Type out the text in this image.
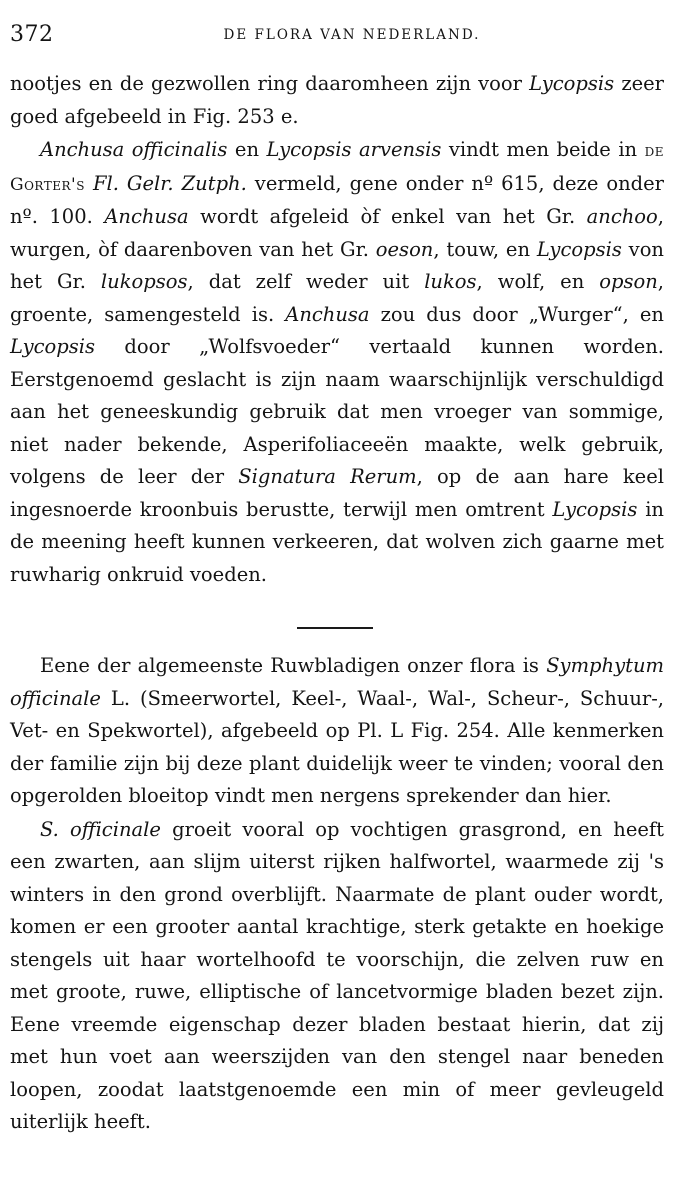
372	DE FLORA VAN NEDERLAND.

nootjes en de gezwollen ring daaromheen zijn voor Lycopsis zeer goed afgebeeld in Fig. 253 e.

Anchusa officinalis en Lycopsis arvensis vindt men beide in de Gorter's Fl. Gelr. Zutph. vermeld, gene onder nº 615, deze onder nº. 100. Anchusa wordt afgeleid òf enkel van het Gr. anchoo, wurgen, òf daarenboven van het Gr. oeson, touw, en Lycopsis von het Gr. lukopsos, dat zelf weder uit lukos, wolf, en opson, groente, samengesteld is. Anchusa zou dus door „Wurger“, en Lycopsis door „Wolfsvoeder“ vertaald kunnen worden. Eerstgenoemd geslacht is zijn naam waarschijnlijk verschuldigd aan het geneeskundig gebruik dat men vroeger van sommige, niet nader bekende, Asperifoliaceeën maakte, welk gebruik, volgens de leer der Signatura Rerum, op de aan hare keel ingesnoerde kroonbuis berustte, terwijl men omtrent Lycopsis in de meening heeft kunnen verkeeren, dat wolven zich gaarne met ruwharig onkruid voeden.

Eene der algemeenste Ruwbladigen onzer flora is Symphytum officinale L. (Smeerwortel, Keel-, Waal-, Wal-, Scheur-, Schuur-, Vet- en Spekwortel), afgebeeld op Pl. L Fig. 254. Alle kenmerken der familie zijn bij deze plant duidelijk weer te vinden; vooral den opgerolden bloeitop vindt men nergens sprekender dan hier.

S. officinale groeit vooral op vochtigen grasgrond, en heeft een zwarten, aan slijm uiterst rijken halfwortel, waarmede zij 's winters in den grond overblijft. Naarmate de plant ouder wordt, komen er een grooter aantal krachtige, sterk getakte en hoekige stengels uit haar wortelhoofd te voorschijn, die zelven ruw en met groote, ruwe, elliptische of lancetvormige bladen bezet zijn. Eene vreemde eigenschap dezer bladen bestaat hierin, dat zij met hun voet aan weerszijden van den stengel naar beneden loopen, zoodat laatstgenoemde een min of meer gevleugeld uiterlijk heeft.
